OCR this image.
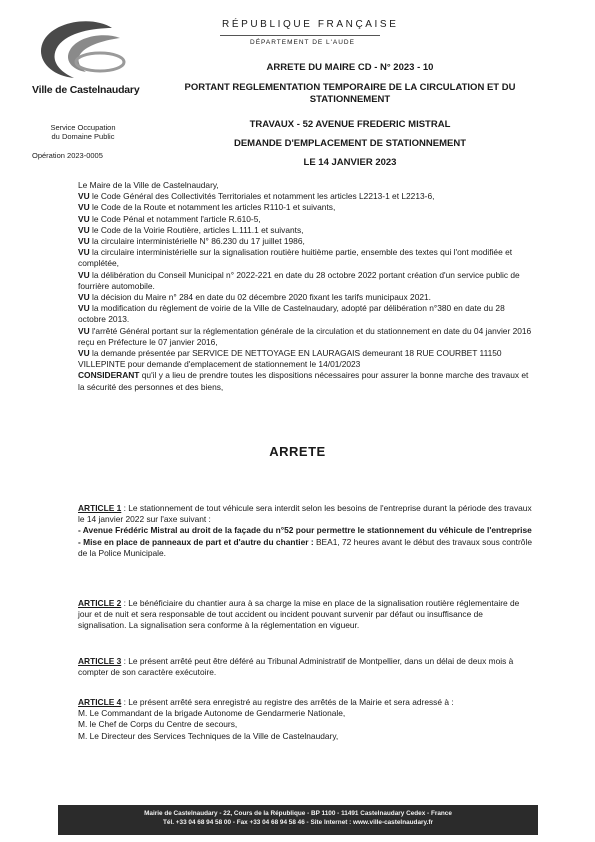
Ville de Castelnaudary
Service Occupation
du Domaine Public
Opération 2023-0005
RÉPUBLIQUE FRANÇAISE
DÉPARTEMENT DE L'AUDE
ARRETE DU MAIRE CD - N° 2023 - 10
PORTANT REGLEMENTATION TEMPORAIRE DE LA CIRCULATION ET DU
STATIONNEMENT
TRAVAUX - 52 AVENUE FREDERIC MISTRAL
DEMANDE D'EMPLACEMENT DE STATIONNEMENT
LE 14 JANVIER 2023

Le Maire de la Ville de Castelnaudary,

VU le Code Général des Collectivités Territoriales et notamment les articles L2213-1 et L2213-6,

VU le Code de la Route et notamment les articles R110-1 et suivants,

VU le Code Pénal et notamment l'article R.610-5,

VU le Code de la Voirie Routière, articles L.111.1 et suivants,

VU la circulaire interministérielle N° 86.230 du 17 juillet 1986,

VU la circulaire interministérielle sur la signalisation routière huitième partie, ensemble des textes qui l'ont modifiée et complétée,

VU la délibération du Conseil Municipal n° 2022-221 en date du 28 octobre 2022 portant création d'un service public de fourrière automobile.

VU la décision du Maire n° 284 en date du 02 décembre 2020 fixant les tarifs municipaux 2021.

VU la modification du règlement de voirie de la Ville de Castelnaudary, adopté par délibération n°380 en date du 28 octobre 2013.

VU l'arrêté Général portant sur la réglementation générale de la circulation et du stationnement en date du 04 janvier 2016 reçu en Préfecture le 07 janvier 2016,

VU la demande présentée par SERVICE DE NETTOYAGE EN LAURAGAIS demeurant 18 RUE COURBET 11150 VILLEPINTE pour demande d'emplacement de stationnement le 14/01/2023

CONSIDERANT qu'il y a lieu de prendre toutes les dispositions nécessaires pour assurer la bonne marche des travaux et la sécurité des personnes et des biens,

ARRETE

ARTICLE 1 : Le stationnement de tout véhicule sera interdit selon les besoins de l'entreprise durant la période des travaux le 14 janvier 2022 sur l'axe suivant :

- Avenue Frédéric Mistral au droit de la façade du n°52 pour permettre le stationnement du véhicule de l'entreprise

- Mise en place de panneaux de part et d'autre du chantier : BEA1, 72 heures avant le début des travaux sous contrôle de la Police Municipale.

ARTICLE 2 : Le bénéficiaire du chantier aura à sa charge la mise en place de la signalisation routière réglementaire de jour et de nuit et sera responsable de tout accident ou incident pouvant survenir par défaut ou insuffisance de signalisation. La signalisation sera conforme à la réglementation en vigueur.

ARTICLE 3 : Le présent arrêté peut être déféré au Tribunal Administratif de Montpellier, dans un délai de deux mois à compter de son caractère exécutoire.

ARTICLE 4 : Le présent arrêté sera enregistré au registre des arrêtés de la Mairie et sera adressé à :

M. Le Commandant de la brigade Autonome de Gendarmerie Nationale,

M. le Chef de Corps du Centre de secours,

M. Le Directeur des Services Techniques de la Ville de Castelnaudary,

Mairie de Castelnaudary - 22, Cours de la République - BP 1100 - 11491 Castelnaudary Cedex - France
Tél. +33 04 68 94 58 00 - Fax +33 04 68 94 58 46 - Site Internet : www.ville-castelnaudary.fr
